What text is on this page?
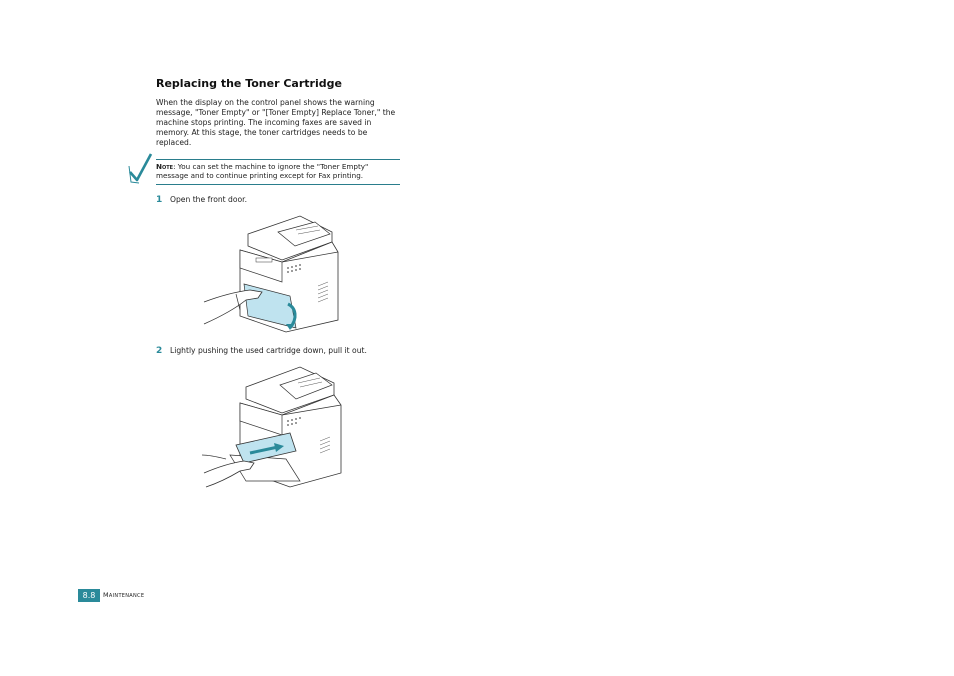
Replacing the Toner Cartridge

When the display on the control panel shows the warning message, "Toner Empty" or "[Toner Empty] Replace Toner," the machine stops printing. The incoming faxes are saved in memory. At this stage, the toner cartridges needs to be replaced.

Note: You can set the machine to ignore the "Toner Empty" message and to continue printing except for Fax printing.

1 Open the front door.
2 Lightly pushing the used cartridge down, pull it out.
8.8	Maintenance
